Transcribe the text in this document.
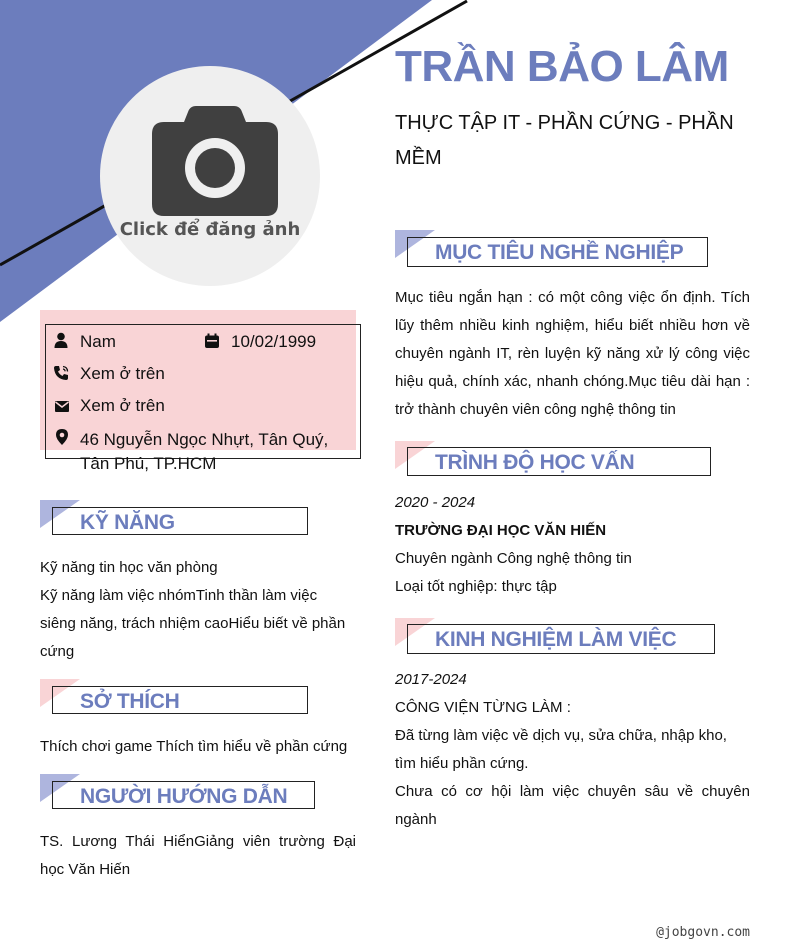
Click để đăng ảnh
TRẦN BẢO LÂM
THỰC TẬP IT - PHẦN CỨNG - PHẦN MỀM
Nam	10/02/1999
Xem ở trên
Xem ở trên
46 Nguyễn Ngọc Nhựt, Tân Quý, Tân Phú, TP.HCM
KỸ NĂNG
Kỹ năng tin học văn phòng
Kỹ năng làm việc nhómTinh thần làm việc siêng năng, trách nhiệm caoHiểu biết về phần cứng
SỞ THÍCH
Thích chơi game Thích tìm hiểu về phần cứng
NGƯỜI HƯỚNG DẪN
TS. Lương Thái HiểnGiảng viên trường Đại học Văn Hiến
MỤC TIÊU NGHỀ NGHIỆP
Mục tiêu ngắn hạn : có một công việc ổn định. Tích lũy thêm nhiều kinh nghiệm, hiểu biết nhiều hơn về chuyên ngành IT, rèn luyện kỹ năng xử lý công việc hiệu quả, chính xác, nhanh chóng.Mục tiêu dài hạn : trở thành chuyên viên công nghệ thông tin
TRÌNH ĐỘ HỌC VẤN
2020 - 2024
TRƯỜNG ĐẠI HỌC VĂN HIẾN
Chuyên ngành Công nghệ thông tin
Loại tốt nghiệp: thực tập
KINH NGHIỆM LÀM VIỆC
2017-2024
CÔNG VIỆN TỪNG LÀM :
Đã từng làm việc về dịch vụ, sửa chữa, nhập kho, tìm hiểu phần cứng.
Chưa có cơ hội làm việc chuyên sâu về chuyên ngành
@jobgovn.com
